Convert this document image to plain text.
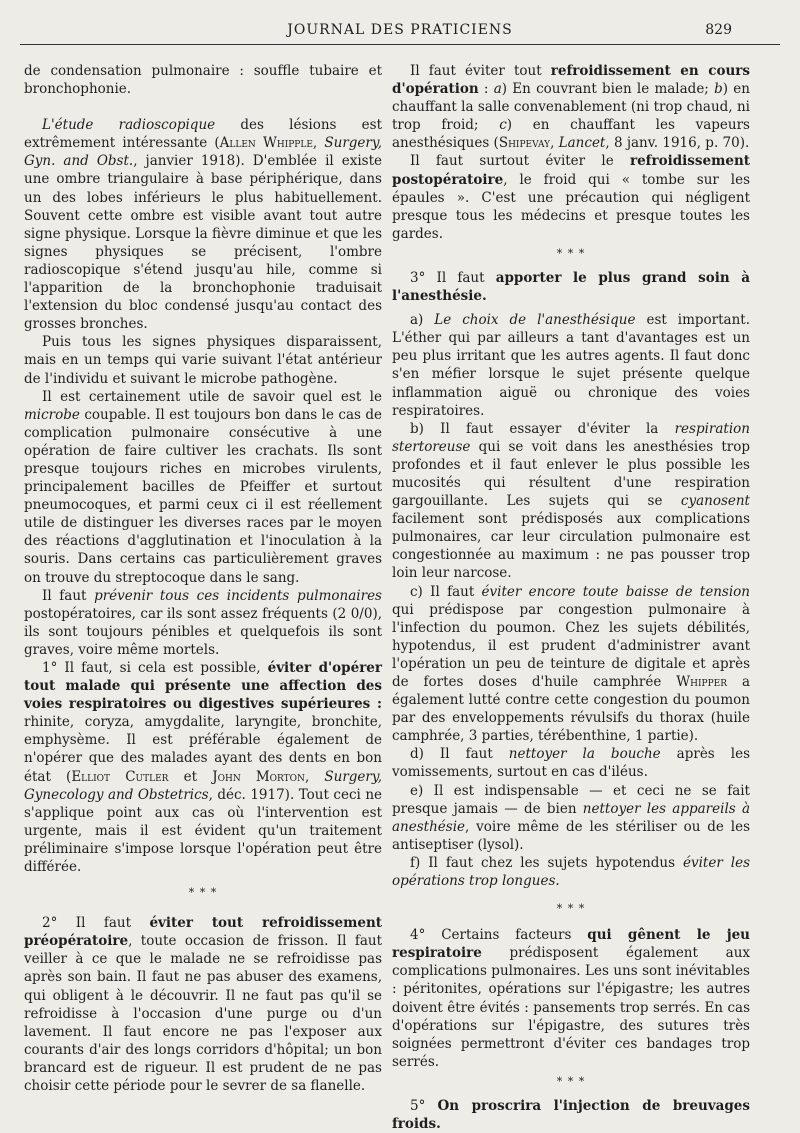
JOURNAL DES PRATICIENS	829

de condensation pulmonaire : souffle tubaire et bronchophonie.

L'étude radioscopique des lésions est extrêmement intéressante (Allen Whipple, Surgery, Gyn. and Obst., janvier 1918). D'emblée il existe une ombre triangulaire à base périphérique, dans un des lobes inférieurs le plus habituellement. Souvent cette ombre est visible avant tout autre signe physique. Lorsque la fièvre diminue et que les signes physiques se précisent, l'ombre radioscopique s'étend jusqu'au hile, comme si l'apparition de la bronchophonie traduisait l'extension du bloc condensé jusqu'au contact des grosses bronches.

Puis tous les signes physiques disparaissent, mais en un temps qui varie suivant l'état antérieur de l'individu et suivant le microbe pathogène.

Il est certainement utile de savoir quel est le microbe coupable. Il est toujours bon dans le cas de complication pulmonaire consécutive à une opération de faire cultiver les crachats. Ils sont presque toujours riches en microbes virulents, principalement bacilles de Pfeiffer et surtout pneumocoques, et parmi ceux ci il est réellement utile de distinguer les diverses races par le moyen des réactions d'agglutination et l'inoculation à la souris. Dans certains cas particulièrement graves on trouve du streptocoque dans le sang.

Il faut prévenir tous ces incidents pulmonaires postopératoires, car ils sont assez fréquents (2 0/0), ils sont toujours pénibles et quelquefois ils sont graves, voire même mortels.

1° Il faut, si cela est possible, éviter d'opérer tout malade qui présente une affection des voies respiratoires ou digestives supérieures : rhinite, coryza, amygdalite, laryngite, bronchite, emphysème. Il est préférable également de n'opérer que des malades ayant des dents en bon état (Elliot Cutler et John Morton, Surgery, Gynecology and Obstetrics, déc. 1917). Tout ceci ne s'applique point aux cas où l'intervention est urgente, mais il est évident qu'un traitement préliminaire s'impose lorsque l'opération peut être différée.

* * *

2° Il faut éviter tout refroidissement préopératoire, toute occasion de frisson. Il faut veiller à ce que le malade ne se refroidisse pas après son bain. Il faut ne pas abuser des examens, qui obligent à le découvrir. Il ne faut pas qu'il se refroidisse à l'occasion d'une purge ou d'un lavement. Il faut encore ne pas l'exposer aux courants d'air des longs corridors d'hôpital; un bon brancard est de rigueur. Il est prudent de ne pas choisir cette période pour le sevrer de sa flanelle.

Il faut éviter tout refroidissement en cours d'opération : a) En couvrant bien le malade; b) en chauffant la salle convenablement (ni trop chaud, ni trop froid; c) en chauffant les vapeurs anesthésiques (Shipevay, Lancet, 8 janv. 1916, p. 70).

Il faut surtout éviter le refroidissement postopératoire, le froid qui « tombe sur les épaules ». C'est une précaution qui négligent presque tous les médecins et presque toutes les gardes.

* * *

3° Il faut apporter le plus grand soin à l'anesthésie.

a) Le choix de l'anesthésique est important. L'éther qui par ailleurs a tant d'avantages est un peu plus irritant que les autres agents. Il faut donc s'en méfier lorsque le sujet présente quelque inflammation aiguë ou chronique des voies respiratoires.

b) Il faut essayer d'éviter la respiration stertoreuse qui se voit dans les anesthésies trop profondes et il faut enlever le plus possible les mucosités qui résultent d'une respiration gargouillante. Les sujets qui se cyanosent facilement sont prédisposés aux complications pulmonaires, car leur circulation pulmonaire est congestionnée au maximum : ne pas pousser trop loin leur narcose.

c) Il faut éviter encore toute baisse de tension qui prédispose par congestion pulmonaire à l'infection du poumon. Chez les sujets débilités, hypotendus, il est prudent d'administrer avant l'opération un peu de teinture de digitale et après de fortes doses d'huile camphrée Whipper a également lutté contre cette congestion du poumon par des enveloppements révulsifs du thorax (huile camphrée, 3 parties, térébenthine, 1 partie).

d) Il faut nettoyer la bouche après les vomissements, surtout en cas d'iléus.

e) Il est indispensable — et ceci ne se fait presque jamais — de bien nettoyer les appareils à anesthésie, voire même de les stériliser ou de les antiseptiser (lysol).

f) Il faut chez les sujets hypotendus éviter les opérations trop longues.

* * *

4° Certains facteurs qui gênent le jeu respiratoire prédisposent également aux complications pulmonaires. Les uns sont inévitables : péritonites, opérations sur l'épigastre; les autres doivent être évités : pansements trop serrés. En cas d'opérations sur l'épigastre, des sutures très soignées permettront d'éviter ces bandages trop serrés.

* * *

5° On proscrira l'injection de breuvages froids.
